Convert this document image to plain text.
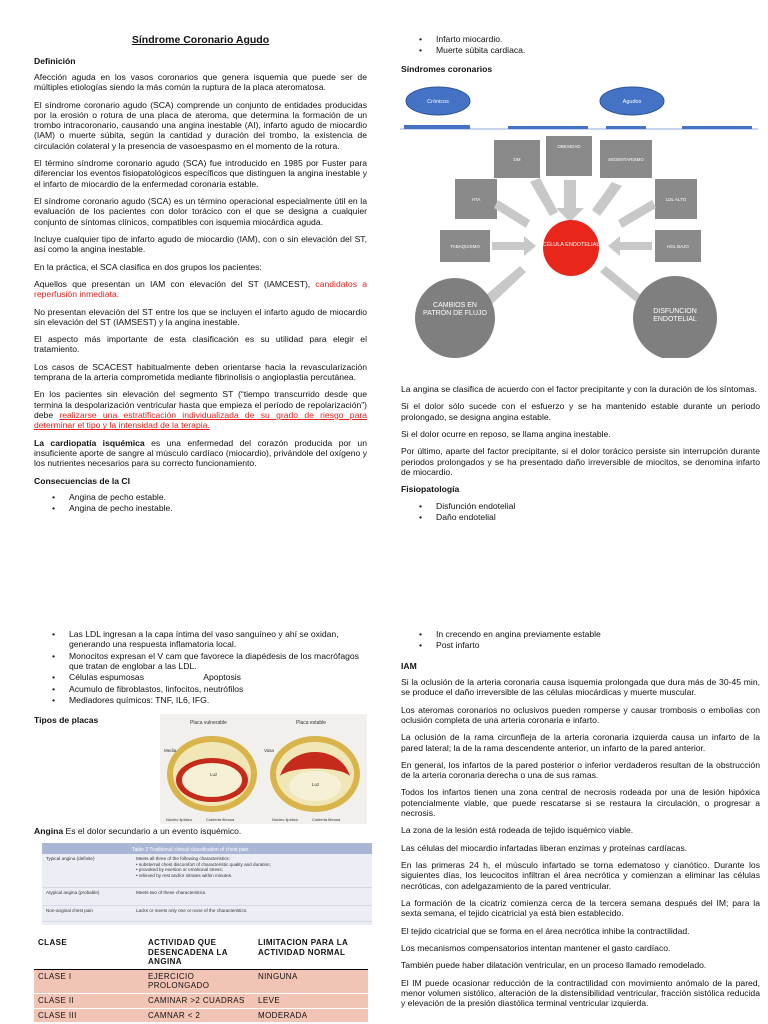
Síndrome Coronario Agudo
Definición

Afección aguda en los vasos coronarios que genera isquemia que puede ser de múltiples etiologías siendo la más común la ruptura de la placa ateromatosa.

El síndrome coronario agudo (SCA) comprende un conjunto de entidades producidas por la erosión o rotura de una placa de ateroma, que determina la formación de un trombo intracoronario, causando una angina inestable (AI), infarto agudo de miocardio (IAM) o muerte súbita, según la cantidad y duración del trombo, la existencia de circulación colateral y la presencia de vasoespasmo en el momento de la rotura.

El término síndrome coronario agudo (SCA) fue introducido en 1985 por Fuster para diferenciar los eventos fisiopatológicos específicos que distinguen la angina inestable y el infarto de miocardio de la enfermedad coronaria estable.

El síndrome coronario agudo (SCA) es un término operacional especialmente útil en la evaluación de los pacientes con dolor torácico con el que se designa a cualquier conjunto de síntomas clínicos, compatibles con isquemia miocárdica aguda.

Incluye cualquier tipo de infarto agudo de miocardio (IAM), con o sin elevación del ST, así como la angina inestable.

En la práctica, el SCA clasifica en dos grupos los pacientes:

Aquellos que presentan un IAM con elevación del ST (IAMCEST), candidatos a reperfusión inmediata.

No presentan elevación del ST entre los que se incluyen el infarto agudo de miocardio sin elevación del ST (IAMSEST) y la angina inestable.

El aspecto más importante de esta clasificación es su utilidad para elegir el tratamiento.

Los casos de SCACEST habitualmente deben orientarse hacia la revascularización temprana de la arteria comprometida mediante fibrinolisis o angioplastia percutánea.

En los pacientes sin elevación del segmento ST (“tiempo transcurrido desde que termina la despolarización ventricular hasta que empieza el período de repolarización”) debe realizarse una estratificación individualizada de su grado de riesgo para determinar el tipo y la intensidad de la terapia.

La cardiopatía isquémica es una enfermedad del corazón producida por un insuficiente aporte de sangre al músculo cardíaco (miocardio), privándole del oxígeno y los nutrientes necesarios para su correcto funcionamiento.

Consecuencias de la CI
• Angina de pecho estable.
• Angina de pecho inestable.
• Las LDL ingresan a la capa íntima del vaso sanguíneo y ahí se oxidan, generando una respuesta inflamatoria local.
• Monocitos expresan el V cam que favorece la diapédesis de los macrófagos que tratan de englobar a las LDL.
• Células espumosas                         Apoptosis
• Acumulo de fibroblastos, linfocitos, neutrófilos
• Mediadores químicos: TNF, IL6, IFG.
Tipos de placas	Placa vulnerable	Placa estable
Media
Luz
Vasa
Luz
Núcleo lipídico	Cubierta fibrosa	Núcleo lipídico	Cubierta fibrosa
Angina Es el dolor secundario a un evento isquémico.
Table 2 Traditional clinical classification of chest pain
Typical angina (definite)	Meets all three of the following characteristics:
• substernal chest discomfort of characteristic quality and duration;
• provoked by exertion or emotional stress;
• relieved by rest and/or nitrates within minutes.
Atypical angina (probable)	Meets two of these characteristics.
Non-anginal chest pain	Lacks or meets only one or none of the characteristics.
CLASE	ACTIVIDAD QUE DESENCADENA LA ANGINA	LIMITACION PARA LA ACTIVIDAD NORMAL
CLASE I	EJERCICIO PROLONGADO	NINGUNA
CLASE II	CAMINAR >2 CUADRAS	LEVE
CLASE III	CAMNAR < 2	MODERADA
• Infarto miocardio.
• Muerte súbita cardiaca.
Síndromes coronarios
Crónicos	Agudos
DM
OBESIDAD
SEDENTARISMO
HTA	LDL ALTO
TABAQUISMO	HDL BAJO
CÉLULA ENDOTELIAL
CAMBIOS EN PATRÓN DE FLUJO	DISFUNCIÓN ENDOTELIAL

La angina se clasifica de acuerdo con el factor precipitante y con la duración de los síntomas.

Si el dolor sólo sucede con el esfuerzo y se ha mantenido estable durante un periodo prolongado, se designa angina estable.

Si el dolor ocurre en reposo, se llama angina inestable.

Por último, aparte del factor precipitante, si el dolor torácico persiste sin interrupción durante periodos prolongados y se ha presentado daño irreversible de miocitos, se denomina infarto de miocardio.

Fisiopatología
• Disfunción endotelial
• Daño endotelial
• In crecendo en angina previamente estable
• Post infarto
IAM

Si la oclusión de la arteria coronaria causa isquemia prolongada que dura más de 30-45 min, se produce el daño irreversible de las células miocárdicas y muerte muscular.

Los ateromas coronarios no oclusivos pueden romperse y causar trombosis o embolias con oclusión completa de una arteria coronaria e infarto.

La oclusión de la rama circunfleja de la arteria coronaria izquierda causa un infarto de la pared lateral; la de la rama descendente anterior, un infarto de la pared anterior.

En general, los infartos de la pared posterior o inferior verdaderos resultan de la obstrucción de la arteria coronaria derecha o una de sus ramas.

Todos los infartos tienen una zona central de necrosis rodeada por una de lesión hipóxica potencialmente viable, que puede rescatarse si se restaura la circulación, o progresar a necrosis.

La zona de la lesión está rodeada de tejido isquémico viable.

Las células del miocardio infartadas liberan enzimas y proteínas cardíacas.

En las primeras 24 h, el músculo infartado se torna edematoso y cianótico. Durante los siguientes días, los leucocitos infiltran el área necrótica y comienzan a eliminar las células necróticas, con adelgazamiento de la pared ventricular.

La formación de la cicatriz comienza cerca de la tercera semana después del IM; para la sexta semana, el tejido cicatricial ya está bien establecido.

El tejido cicatricial que se forma en el área necrótica inhibe la contractilidad.

Los mecanismos compensatorios intentan mantener el gasto cardíaco.

También puede haber dilatación ventricular, en un proceso llamado remodelado.

El IM puede ocasionar reducción de la contractilidad con movimiento anómalo de la pared, menor volumen sistólico, alteración de la distensibilidad ventricular, fracción sistólica reducida y elevación de la presión diastólica terminal ventricular izquierda.
